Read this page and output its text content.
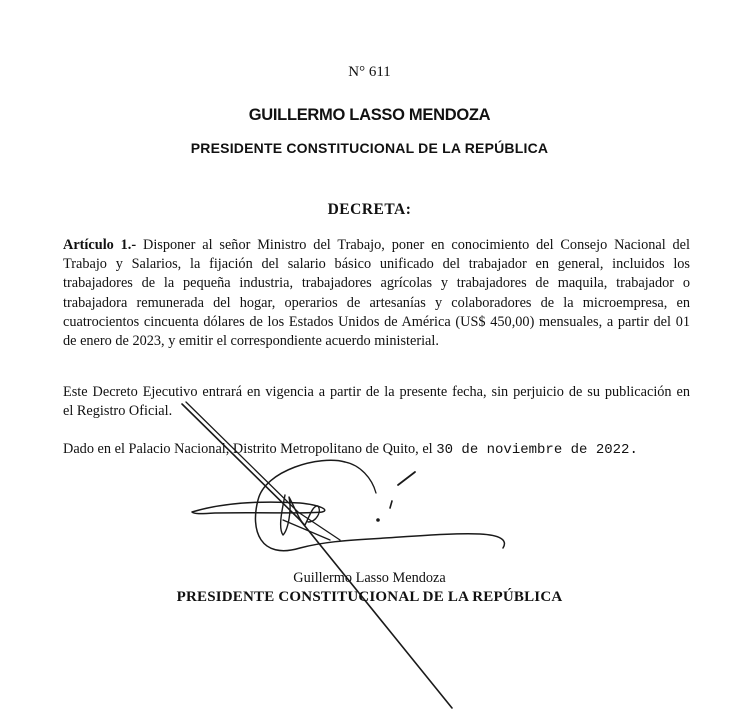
N° 611
GUILLERMO LASSO MENDOZA
PRESIDENTE CONSTITUCIONAL DE LA REPÚBLICA
DECRETA:
Artículo 1.- Disponer al señor Ministro del Trabajo, poner en conocimiento del Consejo Nacional del
Trabajo y Salarios, la fijación del salario básico unificado del trabajador en general, incluidos los
trabajadores de la pequeña industria, trabajadores agrícolas y trabajadores de maquila, trabajador o
trabajadora remunerada del hogar, operarios de artesanías y colaboradores de la microempresa, en
cuatrocientos cincuenta dólares de los Estados Unidos de América (US$ 450,00) mensuales, a partir del 01
de enero de 2023, y emitir el correspondiente acuerdo ministerial.
Este Decreto Ejecutivo entrará en vigencia a partir de la presente fecha, sin perjuicio de su publicación en
el Registro Oficial.
Dado en el Palacio Nacional, Distrito Metropolitano de Quito, el 30 de noviembre de 2022.
Guillermo Lasso Mendoza
PRESIDENTE CONSTITUCIONAL DE LA REPÚBLICA
